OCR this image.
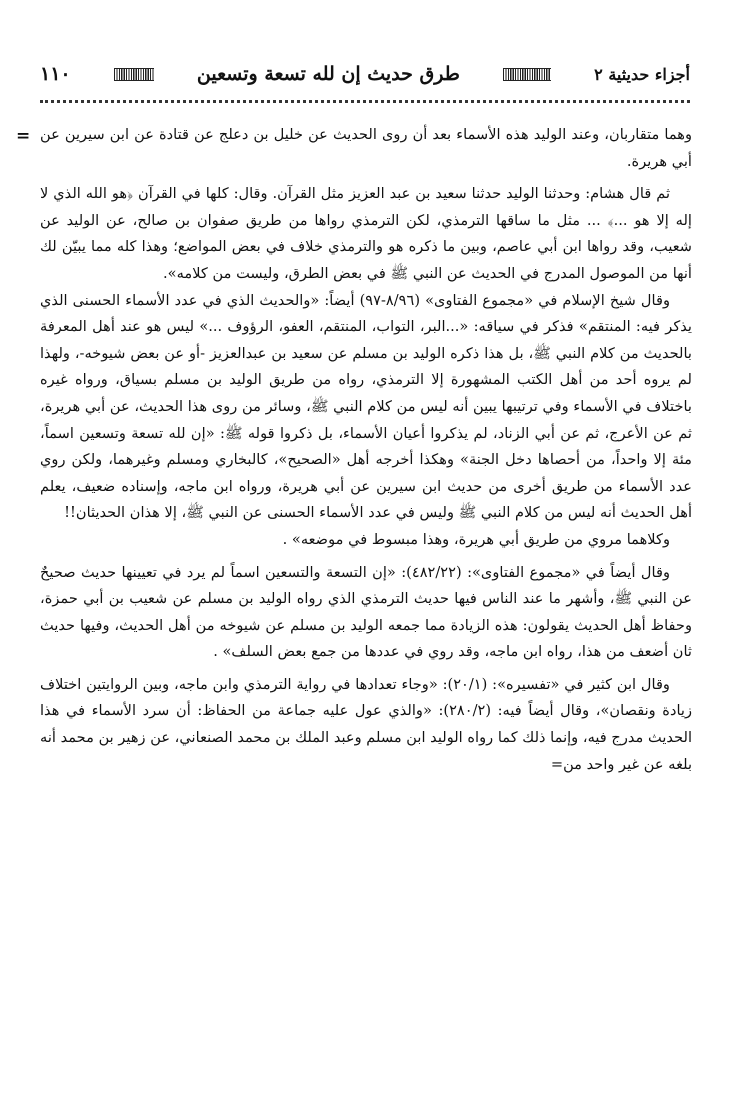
أجزاء حديثية ٢
طرق حديث إن لله تسعة وتسعين
١١٠
= وهما متقاربان، وعند الوليد هذه الأسماء بعد أن روى الحديث عن خليل بن دعلج عن قتادة عن ابن سيرين عن أبي هريرة.

ثم قال هشام: وحدثنا الوليد حدثنا سعيد بن عبد العزيز مثل القرآن. وقال: كلها في القرآن ﴿هو الله الذي لا إله إلا هو ...﴾ ... مثل ما ساقها الترمذي، لكن الترمذي رواها من طريق صفوان بن صالح، عن الوليد عن شعيب، وقد رواها ابن أبي عاصم، وبين ما ذكره هو والترمذي خلاف في بعض المواضع؛ وهذا كله مما يبيّن لك أنها من الموصول المدرج في الحديث عن النبي ﷺ في بعض الطرق، وليست من كلامه».

وقال شيخ الإسلام في «مجموع الفتاوى» (٨/٩٦-٩٧) أيضاً: «والحديث الذي في عدد الأسماء الحسنى الذي يذكر فيه: المنتقم» فذكر في سياقه: «...البر، التواب، المنتقم، العفو، الرؤوف ...» ليس هو عند أهل المعرفة بالحديث من كلام النبي ﷺ، بل هذا ذكره الوليد بن مسلم عن سعيد بن عبدالعزيز -أو عن بعض شيوخه-، ولهذا لم يروه أحد من أهل الكتب المشهورة إلا الترمذي، رواه من طريق الوليد بن مسلم بسياق، ورواه غيره باختلاف في الأسماء وفي ترتيبها يبين أنه ليس من كلام النبي ﷺ، وسائر من روى هذا الحديث، عن أبي هريرة، ثم عن الأعرج، ثم عن أبي الزناد، لم يذكروا أعيان الأسماء، بل ذكروا قوله ﷺ: «إن لله تسعة وتسعين اسماً، مئة إلا واحداً، من أحصاها دخل الجنة» وهكذا أخرجه أهل «الصحيح»، كالبخاري ومسلم وغيرهما، ولكن روي عدد الأسماء من طريق أخرى من حديث ابن سيرين عن أبي هريرة، ورواه ابن ماجه، وإسناده ضعيف، يعلم أهل الحديث أنه ليس من كلام النبي ﷺ وليس في عدد الأسماء الحسنى عن النبي ﷺ، إلا هذان الحديثان!!

وكلاهما مروي من طريق أبي هريرة، وهذا مبسوط في موضعه» .

وقال أيضاً في «مجموع الفتاوى»: (٤٨٢/٢٢): «إن التسعة والتسعين اسماً لم يرد في تعيينها حديث صحيحٌ عن النبي ﷺ، وأشهر ما عند الناس فيها حديث الترمذي الذي رواه الوليد بن مسلم عن شعيب بن أبي حمزة، وحفاظ أهل الحديث يقولون: هذه الزيادة مما جمعه الوليد بن مسلم عن شيوخه من أهل الحديث، وفيها حديث ثان أضعف من هذا، رواه ابن ماجه، وقد روي في عددها من جمع بعض السلف» .

وقال ابن كثير في «تفسيره»: (٢٠/١): «وجاء تعدادها في رواية الترمذي وابن ماجه، وبين الروايتين اختلاف زيادة ونقصان»، وقال أيضاً فيه: (٢٨٠/٢): «والذي عول عليه جماعة من الحفاظ: أن سرد الأسماء في هذا الحديث مدرج فيه، وإنما ذلك كما رواه الوليد ابن مسلم وعبد الملك بن محمد الصنعاني، عن زهير بن محمد أنه بلغه عن غير واحد من=
